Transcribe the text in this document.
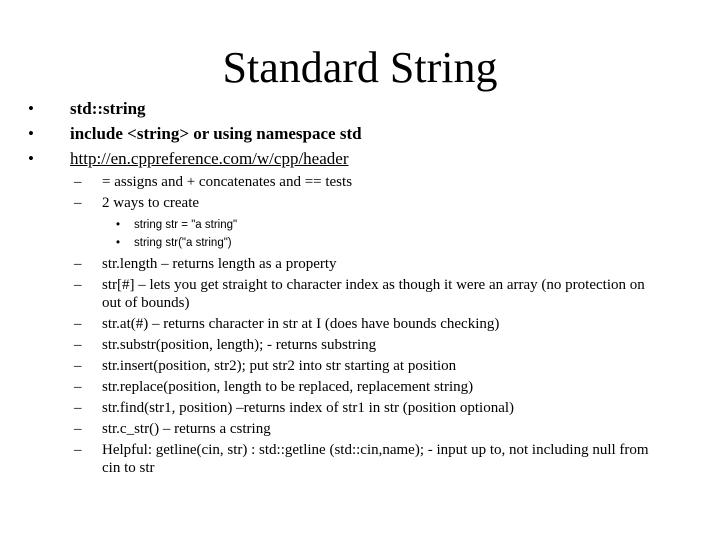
Standard String
• std::string
• include <string> or using namespace std
• http://en.cppreference.com/w/cpp/header
– = assigns and + concatenates and == tests
– 2 ways to create
• string str = "a string"
• string str("a string")
– str.length – returns length as a property
– str[#] – lets you get straight to character index as though it were an array (no protection on out of bounds)
– str.at(#) – returns character in str at I (does have bounds checking)
– str.substr(position, length); - returns substring
– str.insert(position, str2); put str2 into str starting at position
– str.replace(position, length to be replaced, replacement string)
– str.find(str1, position) –returns index of str1 in str (position optional)
– str.c_str() – returns a cstring
– Helpful: getline(cin, str) : std::getline (std::cin,name); - input up to, not including null from cin to str
